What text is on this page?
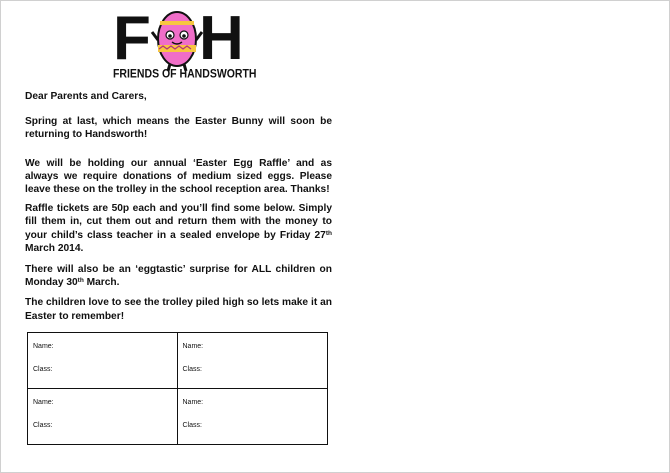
F H
FRIENDS OF HANDSWORTH

Dear Parents and Carers,

Spring at last, which means the Easter Bunny will soon be returning to Handsworth!

We will be holding our annual ‘Easter Egg Raffle’ and as always we require donations of medium sized eggs. Please leave these on the trolley in the school reception area. Thanks!

Raffle tickets are 50p each and you’ll find some below. Simply fill them in, cut them out and return them with the money to your child’s class teacher in a sealed envelope by Friday 27th March 2014.

There will also be an ‘eggtastic’ surprise for ALL children on Monday 30th March.

The children love to see the trolley piled high so lets make it an Easter to remember!

Name:
Class:
Name:
Class:
Name:
Class:
Name:
Class:
